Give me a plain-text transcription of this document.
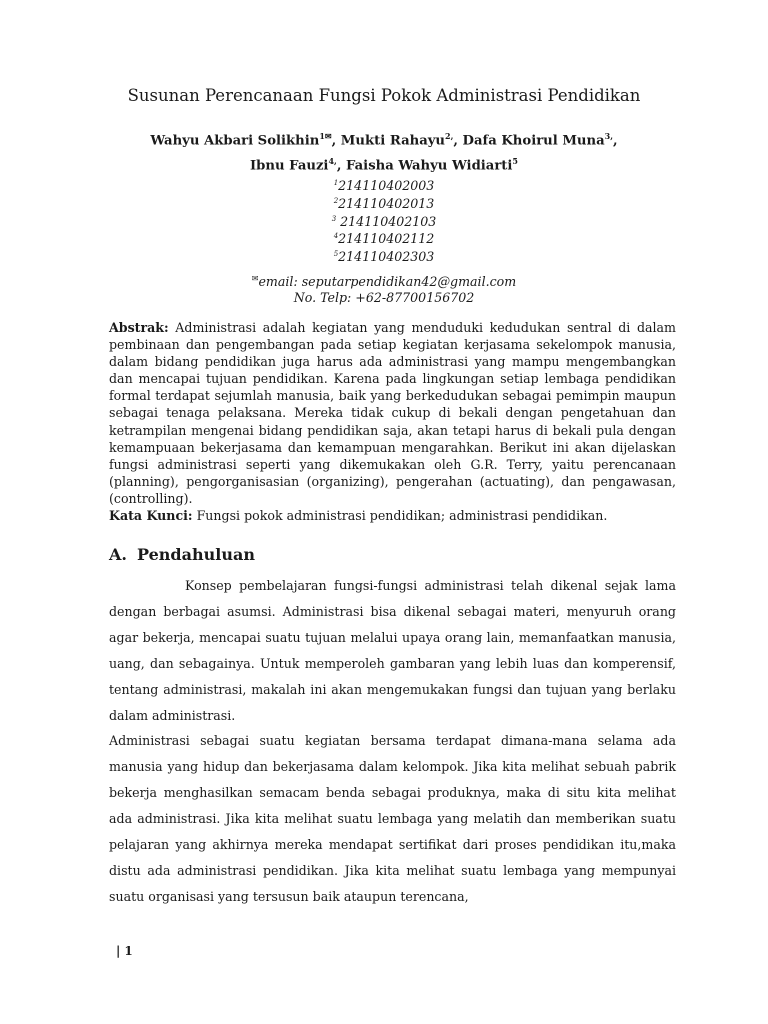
Susunan Perencanaan Fungsi Pokok Administrasi Pendidikan
Wahyu Akbari Solikhin$^{1✉}$, Mukti Rahayu$^{2,}$, Dafa Khoirul Muna$^{3,}$,
Ibnu Fauzi$^{4,}$, Faisha Wahyu Widiarti$^5$
$^1$214110402003
$^2$214110402013
$^3$ 214110402103
$^4$214110402112
$^5$214110402303
✉email: seputarpendidikan42@gmail.com
No. Telp: +62-87700156702
Abstrak: Administrasi adalah kegiatan yang menduduki kedudukan sentral di dalam pembinaan dan pengembangan pada setiap kegiatan kerjasama sekelompok manusia, dalam bidang pendidikan juga harus ada administrasi yang mampu mengembangkan dan mencapai tujuan pendidikan. Karena pada lingkungan setiap lembaga pendidikan formal terdapat sejumlah manusia, baik yang berkedudukan sebagai pemimpin maupun sebagai tenaga pelaksana. Mereka tidak cukup di bekali dengan pengetahuan dan ketrampilan mengenai bidang pendidikan saja, akan tetapi harus di bekali pula dengan kemampuaan bekerjasama dan kemampuan mengarahkan. Berikut ini akan dijelaskan fungsi administrasi seperti yang dikemukakan oleh G.R. Terry, yaitu perencanaan (planning), pengorganisasian (organizing), pengerahan (actuating), dan pengawasan, (controlling).
Kata Kunci: Fungsi pokok administrasi pendidikan; administrasi pendidikan.
A. Pendahuluan

Konsep pembelajaran fungsi-fungsi administrasi telah dikenal sejak lama dengan berbagai asumsi. Administrasi bisa dikenal sebagai materi, menyuruh orang agar bekerja, mencapai suatu tujuan melalui upaya orang lain, memanfaatkan manusia, uang, dan sebagainya. Untuk memperoleh gambaran yang lebih luas dan komperensif, tentang administrasi, makalah ini akan mengemukakan fungsi dan tujuan yang berlaku dalam administrasi.

Administrasi sebagai suatu kegiatan bersama terdapat dimana-mana selama ada manusia yang hidup dan bekerjasama dalam kelompok. Jika kita melihat sebuah pabrik bekerja menghasilkan semacam benda sebagai produknya, maka di situ kita melihat ada administrasi. Jika kita melihat suatu lembaga yang melatih dan memberikan suatu pelajaran yang akhirnya mereka mendapat sertifikat dari proses pendidikan itu,maka distu ada administrasi pendidikan. Jika kita melihat suatu lembaga yang mempunyai suatu organisasi yang tersusun baik ataupun terencana,

| 1
